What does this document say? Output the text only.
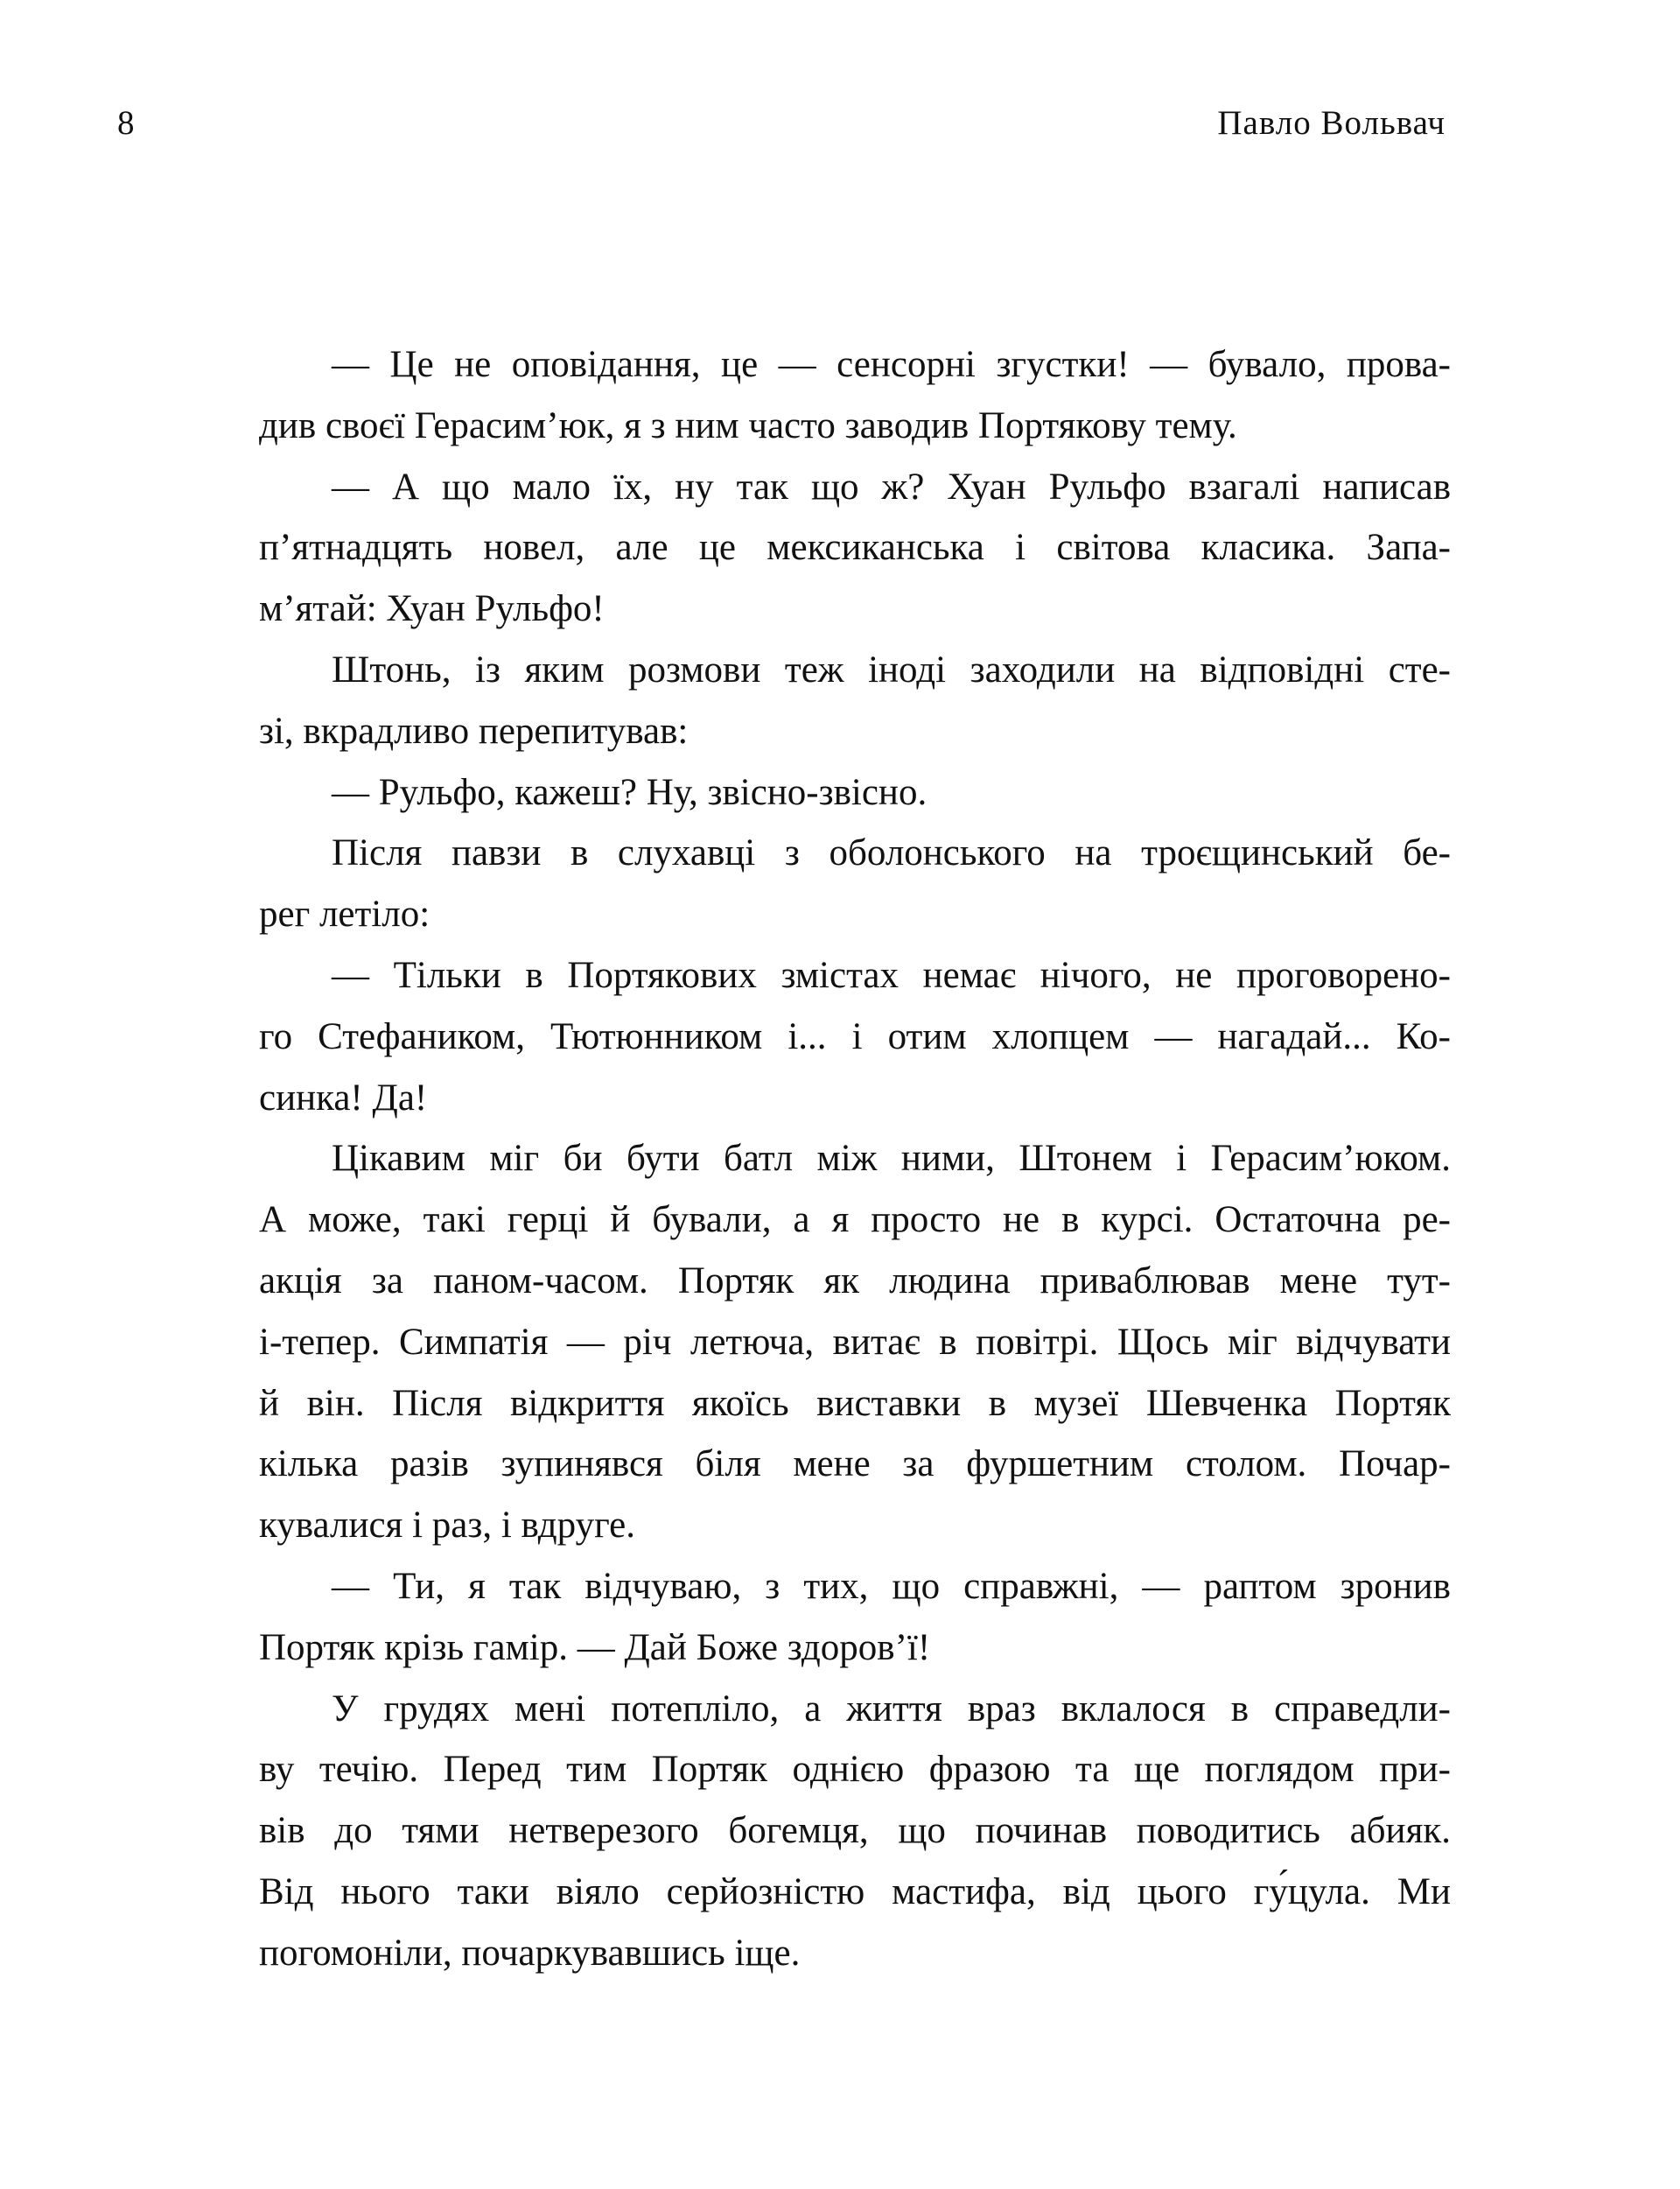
8	Павло Вольвач
— Це не оповідання, це — сенсорні згустки! — бувало, прова-
див своєї Герасим’юк, я з ним часто заводив Портякову тему.
— А що мало їх, ну так що ж? Хуан Рульфо взагалі написав
п’ятнадцять новел, але це мексиканська і світова класика. Запа-
м’ятай: Хуан Рульфо!
Штонь, із яким розмови теж іноді заходили на відповідні сте-
зі, вкрадливо перепитував:
— Рульфо, кажеш? Ну, звісно-звісно.
Після павзи в слухавці з оболонського на троєщинський бе-
рег летіло:
— Тільки в Портякових змістах немає нічого, не проговорено-
го Стефаником, Тютюнником і... і отим хлопцем — нагадай... Ко-
синка! Да!
Цікавим міг би бути батл між ними, Штонем і Герасим’юком.
А може, такі герці й бували, а я просто не в курсі. Остаточна ре-
акція за паном-часом. Портяк як людина приваблював мене тут-
і-тепер. Симпатія — річ летюча, витає в повітрі. Щось міг відчувати
й він. Після відкриття якоїсь виставки в музеї Шевченка Портяк
кілька разів зупинявся біля мене за фуршетним столом. Почар-
кувалися і раз, і вдруге.
— Ти, я так відчуваю, з тих, що справжні, — раптом зронив
Портяк крізь гамір. — Дай Боже здоров’ї!
У грудях мені потепліло, а життя враз вклалося в справедли-
ву течію. Перед тим Портяк однією фразою та ще поглядом при-
вів до тями нетверезого богемця, що починав поводитись абияк.
Від нього таки віяло серйозністю мастифа, від цього гу́цула. Ми
погомоніли, почаркувавшись іще.
